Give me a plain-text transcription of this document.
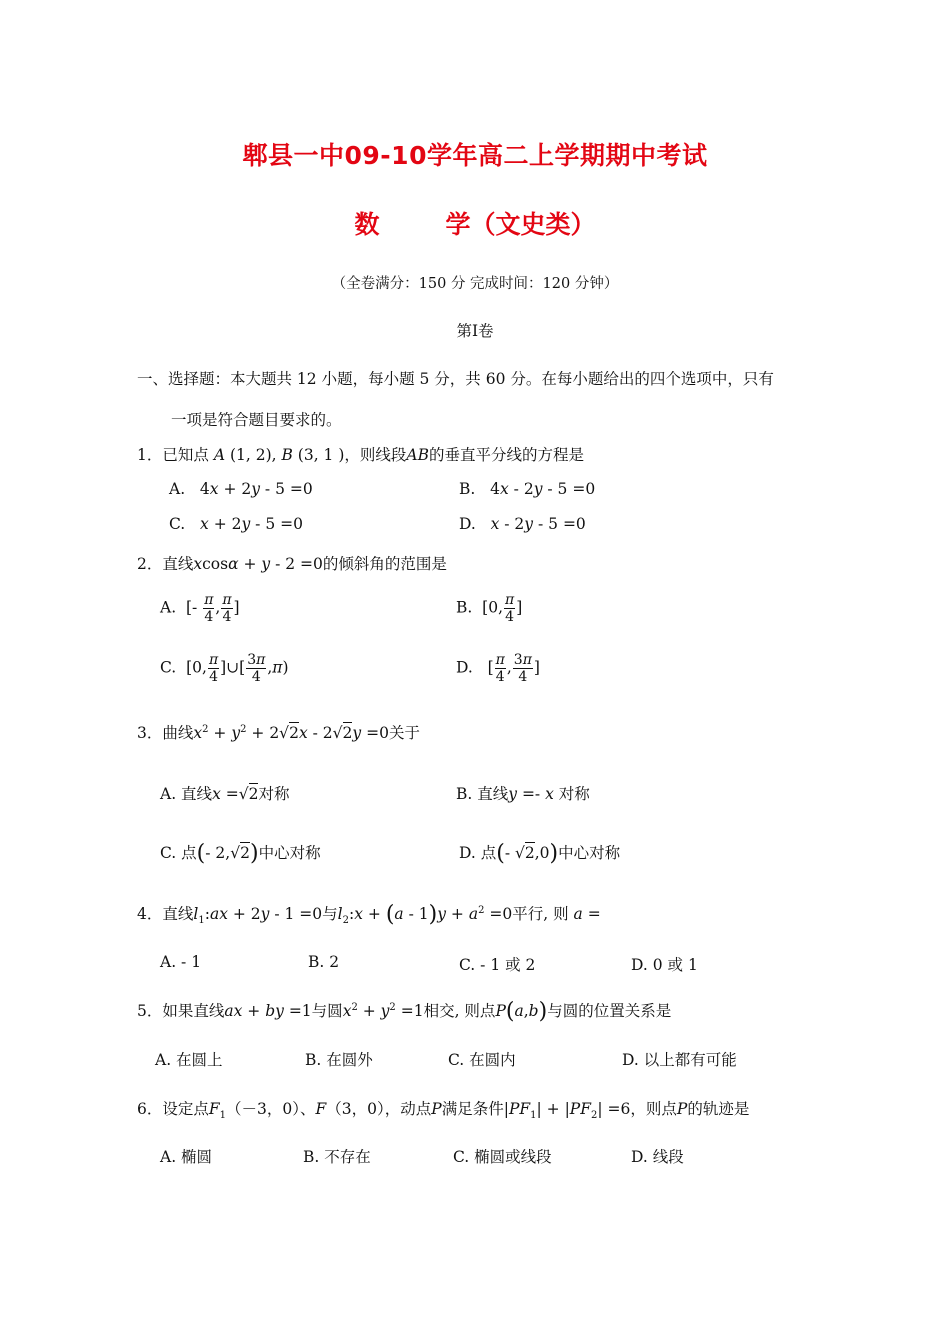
郫县一中09-10学年高二上学期期中考试
数	学（文史类）
（全卷满分：150 分 完成时间：120 分钟）
第Ⅰ卷
一、选择题：本大题共 12 小题，每小题 5 分，共 60 分。在每小题给出的四个选项中，只有
一项是符合题目要求的。
1．已知点 A (1, 2), B (3, 1 )，则线段AB的垂直平分线的方程是
A.   4x + 2y - 5 =0	B.   4x - 2y - 5 =0
C. x + 2y - 5 =0	D. x - 2y - 5 =0
2．直线xcosα + y - 2 =0的倾斜角的范围是
A.  [- $\frac{\pi}{4}$ , $\frac{\pi}{4}$ ]	B.  [0, $\frac{\pi}{4}$ ]
C.  [0, $\frac{\pi}{4}$ ]∪[ $\frac{3\pi}{4} ,\pi$)	D.   [ $\frac{\pi}{4}$ , $\frac{3\pi}{4}$ ]
3．曲线$x^2 + y^2 + 2√2x - 2√2y =0$关于
A. 直线x =√2对称	B. 直线y =- x 对称
C. 点(- 2,√2)中心对称	D. 点(- √2,0)中心对称
4．直线$l_1:ax + 2y - 1 =0$与$l_2:x + (a - 1)y + a^2 =0$平行, 则 a =
A. - 1	B. 2	C. - 1 或 2	D. 0 或 1
5．如果直线ax + by =1与圆$x^2 + y^2 =1$相交, 则点P(a,b)与圆的位置关系是
A. 在圆上	B. 在圆外	C. 在圆内	D. 以上都有可能
6．设定点$F_1(-3$，0）、F（3，0），动点P满足条件$|PF_1| + |PF_2| =6$，则点P的轨迹是
A. 椭圆	B. 不存在	C. 椭圆或线段	D. 线段
